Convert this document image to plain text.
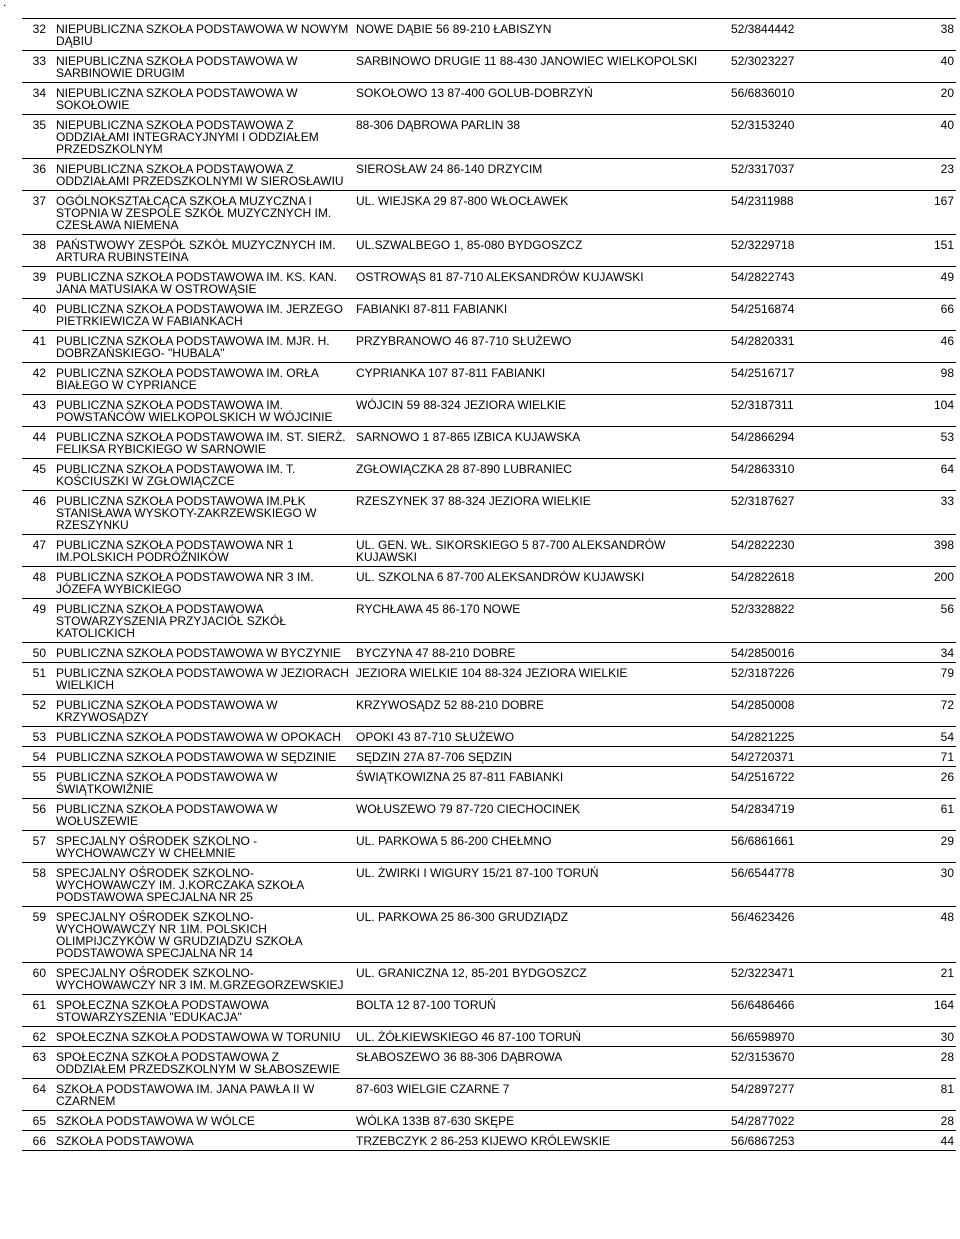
.
32	NIEPUBLICZNA SZKOŁA PODSTAWOWA W NOWYM DĄBIU	NOWE DĄBIE 56 89-210 ŁABISZYN	52/3844442	38
33	NIEPUBLICZNA SZKOŁA PODSTAWOWA W SARBINOWIE DRUGIM	SARBINOWO DRUGIE 11 88-430 JANOWIEC WIELKOPOLSKI	52/3023227	40
34	NIEPUBLICZNA SZKOŁA PODSTAWOWA W SOKOŁOWIE	SOKOŁOWO 13 87-400 GOLUB-DOBRZYŃ	56/6836010	20
35	NIEPUBLICZNA SZKOŁA PODSTAWOWA Z ODDZIAŁAMI INTEGRACYJNYMI I ODDZIAŁEM PRZEDSZKOLNYM	88-306 DĄBROWA PARLIN 38	52/3153240	40
36	NIEPUBLICZNA SZKOŁA PODSTAWOWA Z ODDZIAŁAMI PRZEDSZKOLNYMI W SIEROSŁAWIU	SIEROSŁAW 24 86-140 DRZYCIM	52/3317037	23
37	OGÓLNOKSZTAŁCĄCA SZKOŁA MUZYCZNA I STOPNIA W ZESPOLE SZKÓŁ MUZYCZNYCH IM. CZESŁAWA NIEMENA	UL. WIEJSKA 29 87-800 WŁOCŁAWEK	54/2311988	167
38	PAŃSTWOWY ZESPÓŁ SZKÓŁ MUZYCZNYCH IM. ARTURA RUBINSTEINA	UL.SZWALBEGO 1, 85-080 BYDGOSZCZ	52/3229718	151
39	PUBLICZNA SZKOŁA PODSTAWOWA IM. KS. KAN. JANA MATUSIAKA W OSTROWĄSIE	OSTROWĄS 81 87-710 ALEKSANDRÓW KUJAWSKI	54/2822743	49
40	PUBLICZNA SZKOŁA PODSTAWOWA IM. JERZEGO PIETRKIEWICZA W FABIANKACH	FABIANKI 87-811 FABIANKI	54/2516874	66
41	PUBLICZNA SZKOŁA PODSTAWOWA IM. MJR. H. DOBRZAŃSKIEGO- "HUBALA"	PRZYBRANOWO 46 87-710 SŁUŻEWO	54/2820331	46
42	PUBLICZNA SZKOŁA PODSTAWOWA IM. ORŁA BIAŁEGO W CYPRIANCE	CYPRIANKA 107 87-811 FABIANKI	54/2516717	98
43	PUBLICZNA SZKOŁA PODSTAWOWA IM. POWSTAŃCÓW WIELKOPOLSKICH W WÓJCINIE	WÓJCIN 59 88-324 JEZIORA WIELKIE	52/3187311	104
44	PUBLICZNA SZKOŁA PODSTAWOWA IM. ST. SIERŻ. FELIKSA RYBICKIEGO W SARNOWIE	SARNOWO 1 87-865 IZBICA KUJAWSKA	54/2866294	53
45	PUBLICZNA SZKOŁA PODSTAWOWA IM. T. KOŚCIUSZKI W ZGŁOWIĄCZCE	ZGŁOWIĄCZKA 28 87-890 LUBRANIEC	54/2863310	64
46	PUBLICZNA SZKOŁA PODSTAWOWA IM.PŁK STANISŁAWA WYSKOTY-ZAKRZEWSKIEGO W RZESZYNKU	RZESZYNEK 37 88-324 JEZIORA WIELKIE	52/3187627	33
47	PUBLICZNA SZKOŁA PODSTAWOWA NR 1 IM.POLSKICH PODRÓŻNIKÓW	UL. GEN. WŁ. SIKORSKIEGO 5 87-700 ALEKSANDRÓW KUJAWSKI	54/2822230	398
48	PUBLICZNA SZKOŁA PODSTAWOWA NR 3 IM. JÓZEFA WYBICKIEGO	UL. SZKOLNA 6 87-700 ALEKSANDRÓW KUJAWSKI	54/2822618	200
49	PUBLICZNA SZKOŁA PODSTAWOWA STOWARZYSZENIA PRZYJACIÓŁ SZKÓŁ KATOLICKICH	RYCHŁAWA 45 86-170 NOWE	52/3328822	56
50	PUBLICZNA SZKOŁA PODSTAWOWA W BYCZYNIE	BYCZYNA 47 88-210 DOBRE	54/2850016	34
51	PUBLICZNA SZKOŁA PODSTAWOWA W JEZIORACH WIELKICH	JEZIORA WIELKIE 104 88-324 JEZIORA WIELKIE	52/3187226	79
52	PUBLICZNA SZKOŁA PODSTAWOWA W KRZYWOSĄDZY	KRZYWOSĄDZ 52 88-210 DOBRE	54/2850008	72
53	PUBLICZNA SZKOŁA PODSTAWOWA W OPOKACH	OPOKI 43 87-710 SŁUŻEWO	54/2821225	54
54	PUBLICZNA SZKOŁA PODSTAWOWA W SĘDZINIE	SĘDZIN 27A 87-706 SĘDZIN	54/2720371	71
55	PUBLICZNA SZKOŁA PODSTAWOWA W ŚWIĄTKOWIŹNIE	ŚWIĄTKOWIZNA 25 87-811 FABIANKI	54/2516722	26
56	PUBLICZNA SZKOŁA PODSTAWOWA W WOŁUSZEWIE	WOŁUSZEWO 79 87-720 CIECHOCINEK	54/2834719	61
57	SPECJALNY OŚRODEK SZKOLNO - WYCHOWAWCZY W CHEŁMNIE	UL. PARKOWA 5 86-200 CHEŁMNO	56/6861661	29
58	SPECJALNY OŚRODEK SZKOLNO-WYCHOWAWCZY IM. J.KORCZAKA SZKOŁA PODSTAWOWA SPECJALNA NR 25	UL. ŻWIRKI I WIGURY 15/21 87-100 TORUŃ	56/6544778	30
59	SPECJALNY OŚRODEK SZKOLNO-WYCHOWAWCZY NR 1IM. POLSKICH OLIMPIJCZYKÓW W GRUDZIĄDZU SZKOŁA PODSTAWOWA SPECJALNA NR 14	UL. PARKOWA 25 86-300 GRUDZIĄDZ	56/4623426	48
60	SPECJALNY OŚRODEK SZKOLNO-WYCHOWAWCZY NR 3 IM. M.GRZEGORZEWSKIEJ	UL. GRANICZNA 12, 85-201 BYDGOSZCZ	52/3223471	21
61	SPOŁECZNA SZKOŁA PODSTAWOWA STOWARZYSZENIA "EDUKACJA"	BOLTA 12 87-100 TORUŃ	56/6486466	164
62	SPOŁECZNA SZKOŁA PODSTAWOWA W TORUNIU	UL. ŻÓŁKIEWSKIEGO 46 87-100 TORUŃ	56/6598970	30
63	SPOŁECZNA SZKOŁA PODSTAWOWA Z ODDZIAŁEM PRZEDSZKOLNYM W SŁABOSZEWIE	SŁABOSZEWO 36 88-306 DĄBROWA	52/3153670	28
64	SZKOŁA PODSTAWOWA IM. JANA PAWŁA II W CZARNEM	87-603 WIELGIE CZARNE 7	54/2897277	81
65	SZKOŁA PODSTAWOWA W WÓLCE	WÓLKA 133B 87-630 SKĘPE	54/2877022	28
66	SZKOŁA PODSTAWOWA	TRZEBCZYK 2 86-253 KIJEWO KRÓLEWSKIE	56/6867253	44
